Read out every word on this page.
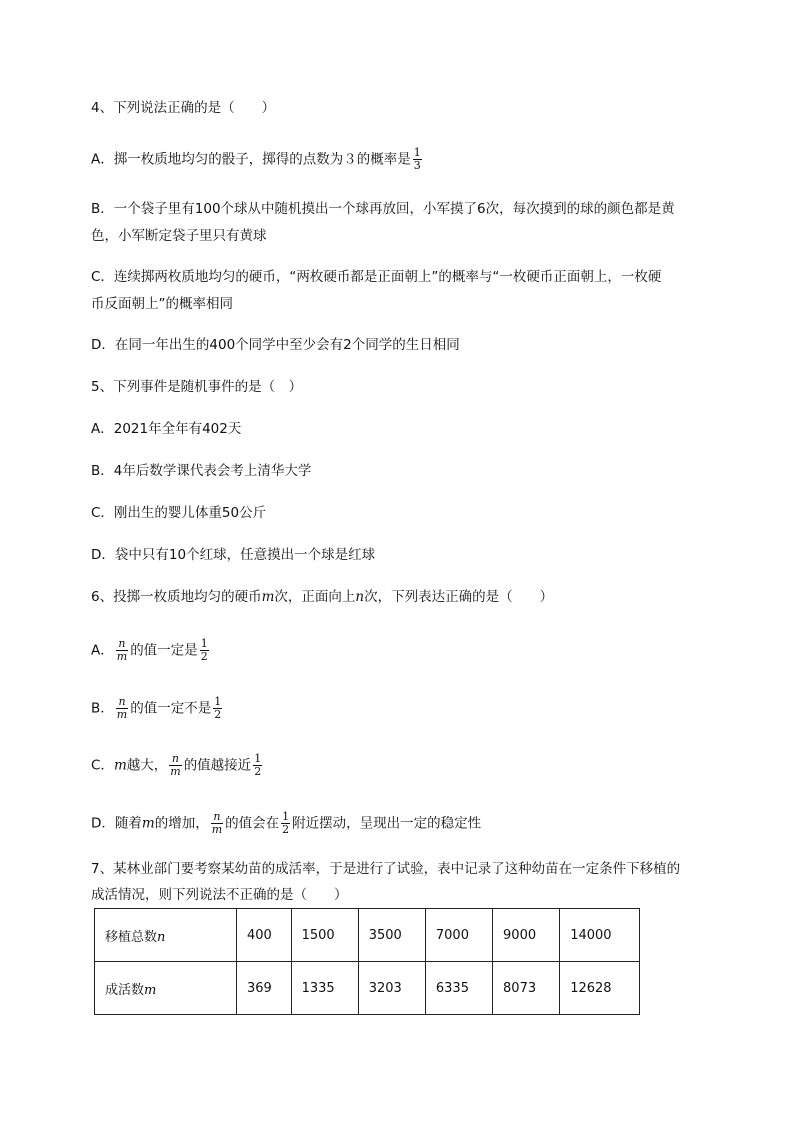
4、下列说法正确的是（　　）
A．掷一枚质地均匀的骰子，掷得的点数为３的概率是 $\frac{1}{3}$
B．一个袋子里有100个球从中随机摸出一个球再放回，小军摸了6次，每次摸到的球的颜色都是黄
色，小军断定袋子里只有黄球
C．连续掷两枚质地均匀的硬币，“两枚硬币都是正面朝上”的概率与“一枚硬币正面朝上，一枚硬
币反面朝上”的概率相同
D．在同一年出生的400个同学中至少会有2个同学的生日相同
5、下列事件是随机事件的是（　）
A．2021年全年有402天
B．4年后数学课代表会考上清华大学
C．刚出生的婴儿体重50公斤
D．袋中只有10个红球，任意摸出一个球是红球
6、投掷一枚质地均匀的硬币m次，正面向上n次，下列表达正确的是（　　）
A． $\frac{n}{m}$ 的值一定是 $\frac{1}{2}$
B． $\frac{n}{m}$ 的值一定不是 $\frac{1}{2}$
C．m越大， $\frac{n}{m}$ 的值越接近 $\frac{1}{2}$
D．随着m的增加， $\frac{n}{m}$ 的值会在 $\frac{1}{2}$ 附近摆动，呈现出一定的稳定性
7、某林业部门要考察某幼苗的成活率，于是进行了试验，表中记录了这种幼苗在一定条件下移植的
成活情况，则下列说法不正确的是（　　）
移植总数n	400	1500	3500	7000	9000	14000
成活数m	369	1335	3203	6335	8073	12628
